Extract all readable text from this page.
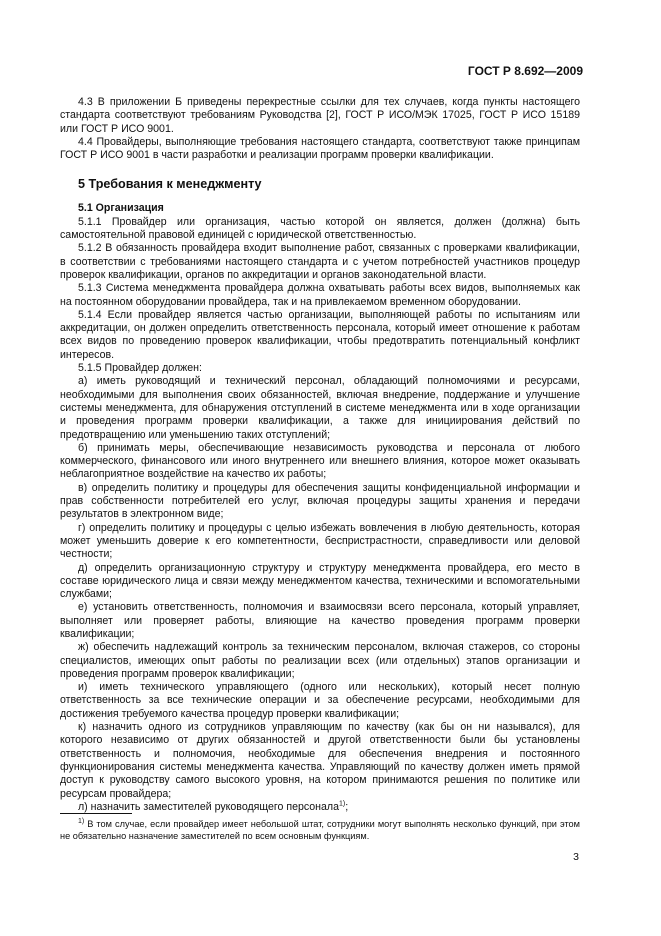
ГОСТ Р 8.692—2009

4.3 В приложении Б приведены перекрестные ссылки для тех случаев, когда пункты настоящего стандарта соответствуют требованиям Руководства [2], ГОСТ Р ИСО/МЭК 17025, ГОСТ Р ИСО 15189 или ГОСТ Р ИСО 9001.

4.4 Провайдеры, выполняющие требования настоящего стандарта, соответствуют также принципам ГОСТ Р ИСО 9001 в части разработки и реализации программ проверки квалификации.

5 Требования к менеджменту
5.1 Организация

5.1.1 Провайдер или организация, частью которой он является, должен (должна) быть самостоятельной правовой единицей с юридической ответственностью.

5.1.2 В обязанность провайдера входит выполнение работ, связанных с проверками квалификации, в соответствии с требованиями настоящего стандарта и с учетом потребностей участников процедур проверок квалификации, органов по аккредитации и органов законодательной власти.

5.1.3 Система менеджмента провайдера должна охватывать работы всех видов, выполняемых как на постоянном оборудовании провайдера, так и на привлекаемом временном оборудовании.

5.1.4 Если провайдер является частью организации, выполняющей работы по испытаниям или аккредитации, он должен определить ответственность персонала, который имеет отношение к работам всех видов по проведению проверок квалификации, чтобы предотвратить потенциальный конфликт интересов.

5.1.5 Провайдер должен:

а) иметь руководящий и технический персонал, обладающий полномочиями и ресурсами, необходимыми для выполнения своих обязанностей, включая внедрение, поддержание и улучшение системы менеджмента, для обнаружения отступлений в системе менеджмента или в ходе организации и проведения программ проверки квалификации, а также для инициирования действий по предотвращению или уменьшению таких отступлений;

б) принимать меры, обеспечивающие независимость руководства и персонала от любого коммерческого, финансового или иного внутреннего или внешнего влияния, которое может оказывать неблагоприятное воздействие на качество их работы;

в) определить политику и процедуры для обеспечения защиты конфиденциальной информации и прав собственности потребителей его услуг, включая процедуры защиты хранения и передачи результатов в электронном виде;

г) определить политику и процедуры с целью избежать вовлечения в любую деятельность, которая может уменьшить доверие к его компетентности, беспристрастности, справедливости или деловой честности;

д) определить организационную структуру и структуру менеджмента провайдера, его место в составе юридического лица и связи между менеджментом качества, техническими и вспомогательными службами;

е) установить ответственность, полномочия и взаимосвязи всего персонала, который управляет, выполняет или проверяет работы, влияющие на качество проведения программ проверки квалификации;

ж) обеспечить надлежащий контроль за техническим персоналом, включая стажеров, со стороны специалистов, имеющих опыт работы по реализации всех (или отдельных) этапов организации и проведения программ проверок квалификации;

и) иметь технического управляющего (одного или нескольких), который несет полную ответственность за все технические операции и за обеспечение ресурсами, необходимыми для достижения требуемого качества процедур проверки квалификации;

к) назначить одного из сотрудников управляющим по качеству (как бы он ни назывался), для которого независимо от других обязанностей и другой ответственности были бы установлены ответственность и полномочия, необходимые для обеспечения внедрения и постоянного функционирования системы менеджмента качества. Управляющий по качеству должен иметь прямой доступ к руководству самого высокого уровня, на котором принимаются решения по политике или ресурсам провайдера;

л) назначить заместителей руководящего персонала$^{1)}$;

$^{1)}$ В том случае, если провайдер имеет небольшой штат, сотрудники могут выполнять несколько функций, при этом не обязательно назначение заместителей по всем основным функциям.
3
